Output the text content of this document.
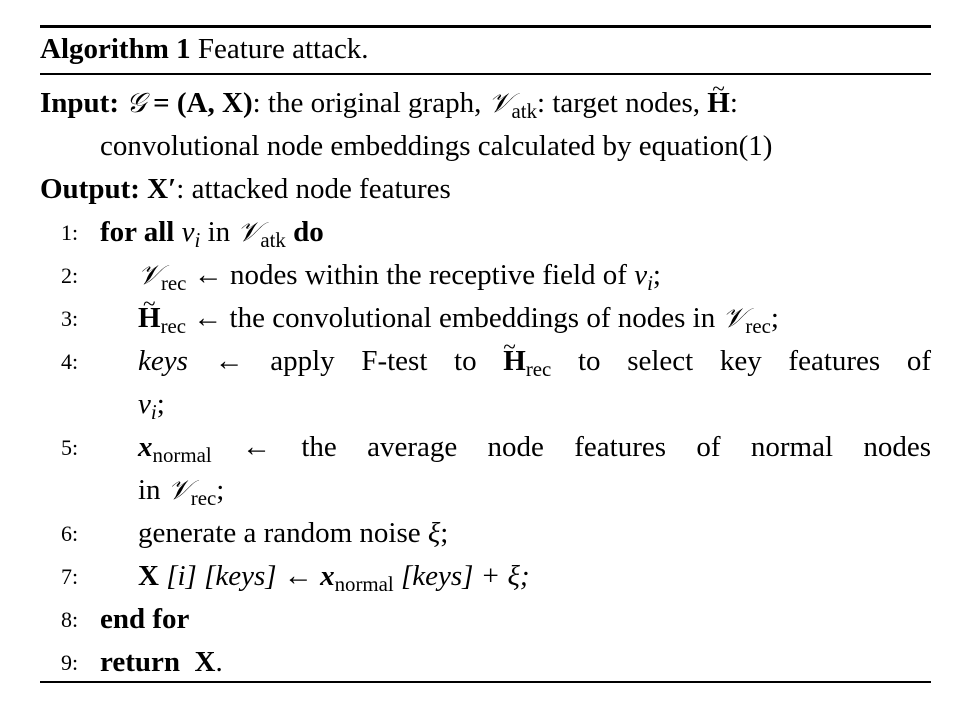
Algorithm 1 Feature attack.
Input: 𝒢 = (A, X): the original graph, 𝒱$_{atk}$: target nodes, ~ H:
convolutional node embeddings calculated by equation(1)
Output: X′: attacked node features
1: for all $v_i$ in 𝒱$_{atk}$ do
2:	𝒱$_{rec}$ ← nodes within the receptive field of $v_i$;
3:	~ $H_{rec}$ ← the convolutional embeddings of nodes in 𝒱$_{rec}$;
4:	keys ← apply F-test to ~ $H_{rec}$ to select key features of
$v_i$;
5:	$x_{normal}$ ← the average node features of normal nodes
in 𝒱$_{rec}$;
6:	generate a random noise ξ;
7:	X [i] [keys] ← $x_{normal}$ [keys] + ξ;
8: end for
9: return X.
